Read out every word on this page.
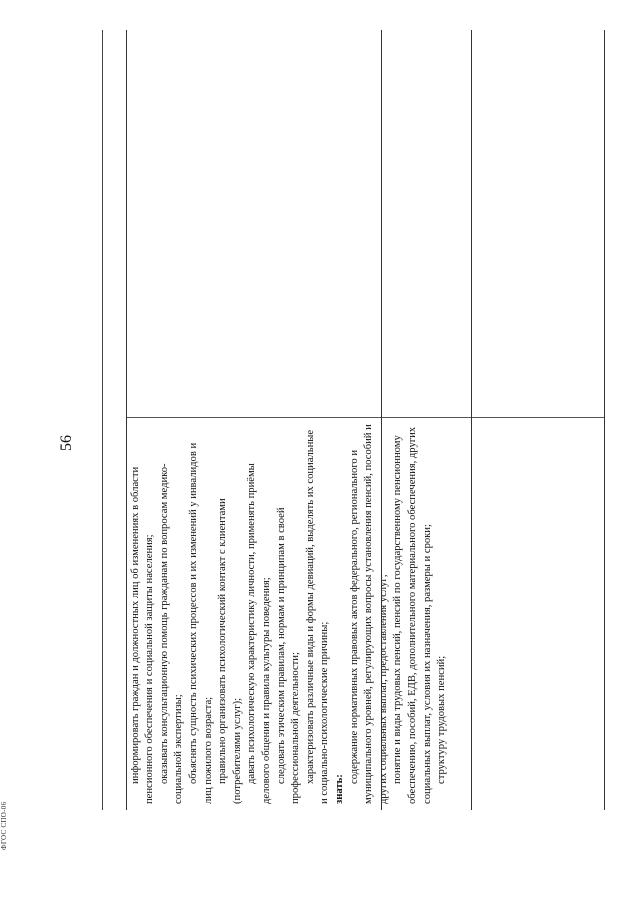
информировать граждан и должностных лиц об изменениях в области пенсионного обеспечения и социальной защиты населения; оказывать консультационную помощь гражданам по вопросам медико-социальной экспертизы; объяснять сущность психических процессов и их изменений у инвалидов и лиц пожилого возраста; правильно организовать психологический контакт с клиентами (потребителями услуг); давать психологическую характеристику личности, применять приёмы делового общения и правила культуры поведения; следовать этическим правилам, нормам и принципам в своей профессиональной деятельности; характеризовать различные виды и формы девиаций, выделять их социальные и социально-психологические причины; знать:

содержание нормативных правовых актов федерального, регионального и муниципального уровней, регулирующих вопросы установления пенсий, пособий и других социальных выплат, предоставления услуг; понятие и виды трудовых пенсий, пенсий по государственному пенсионному обеспечению, пособий, ЕДВ, дополнительного материального обеспечения, других социальных выплат, условия их назначения, размеры и сроки; структуру трудовых пенсий;

56
ФГОС СПО-06
